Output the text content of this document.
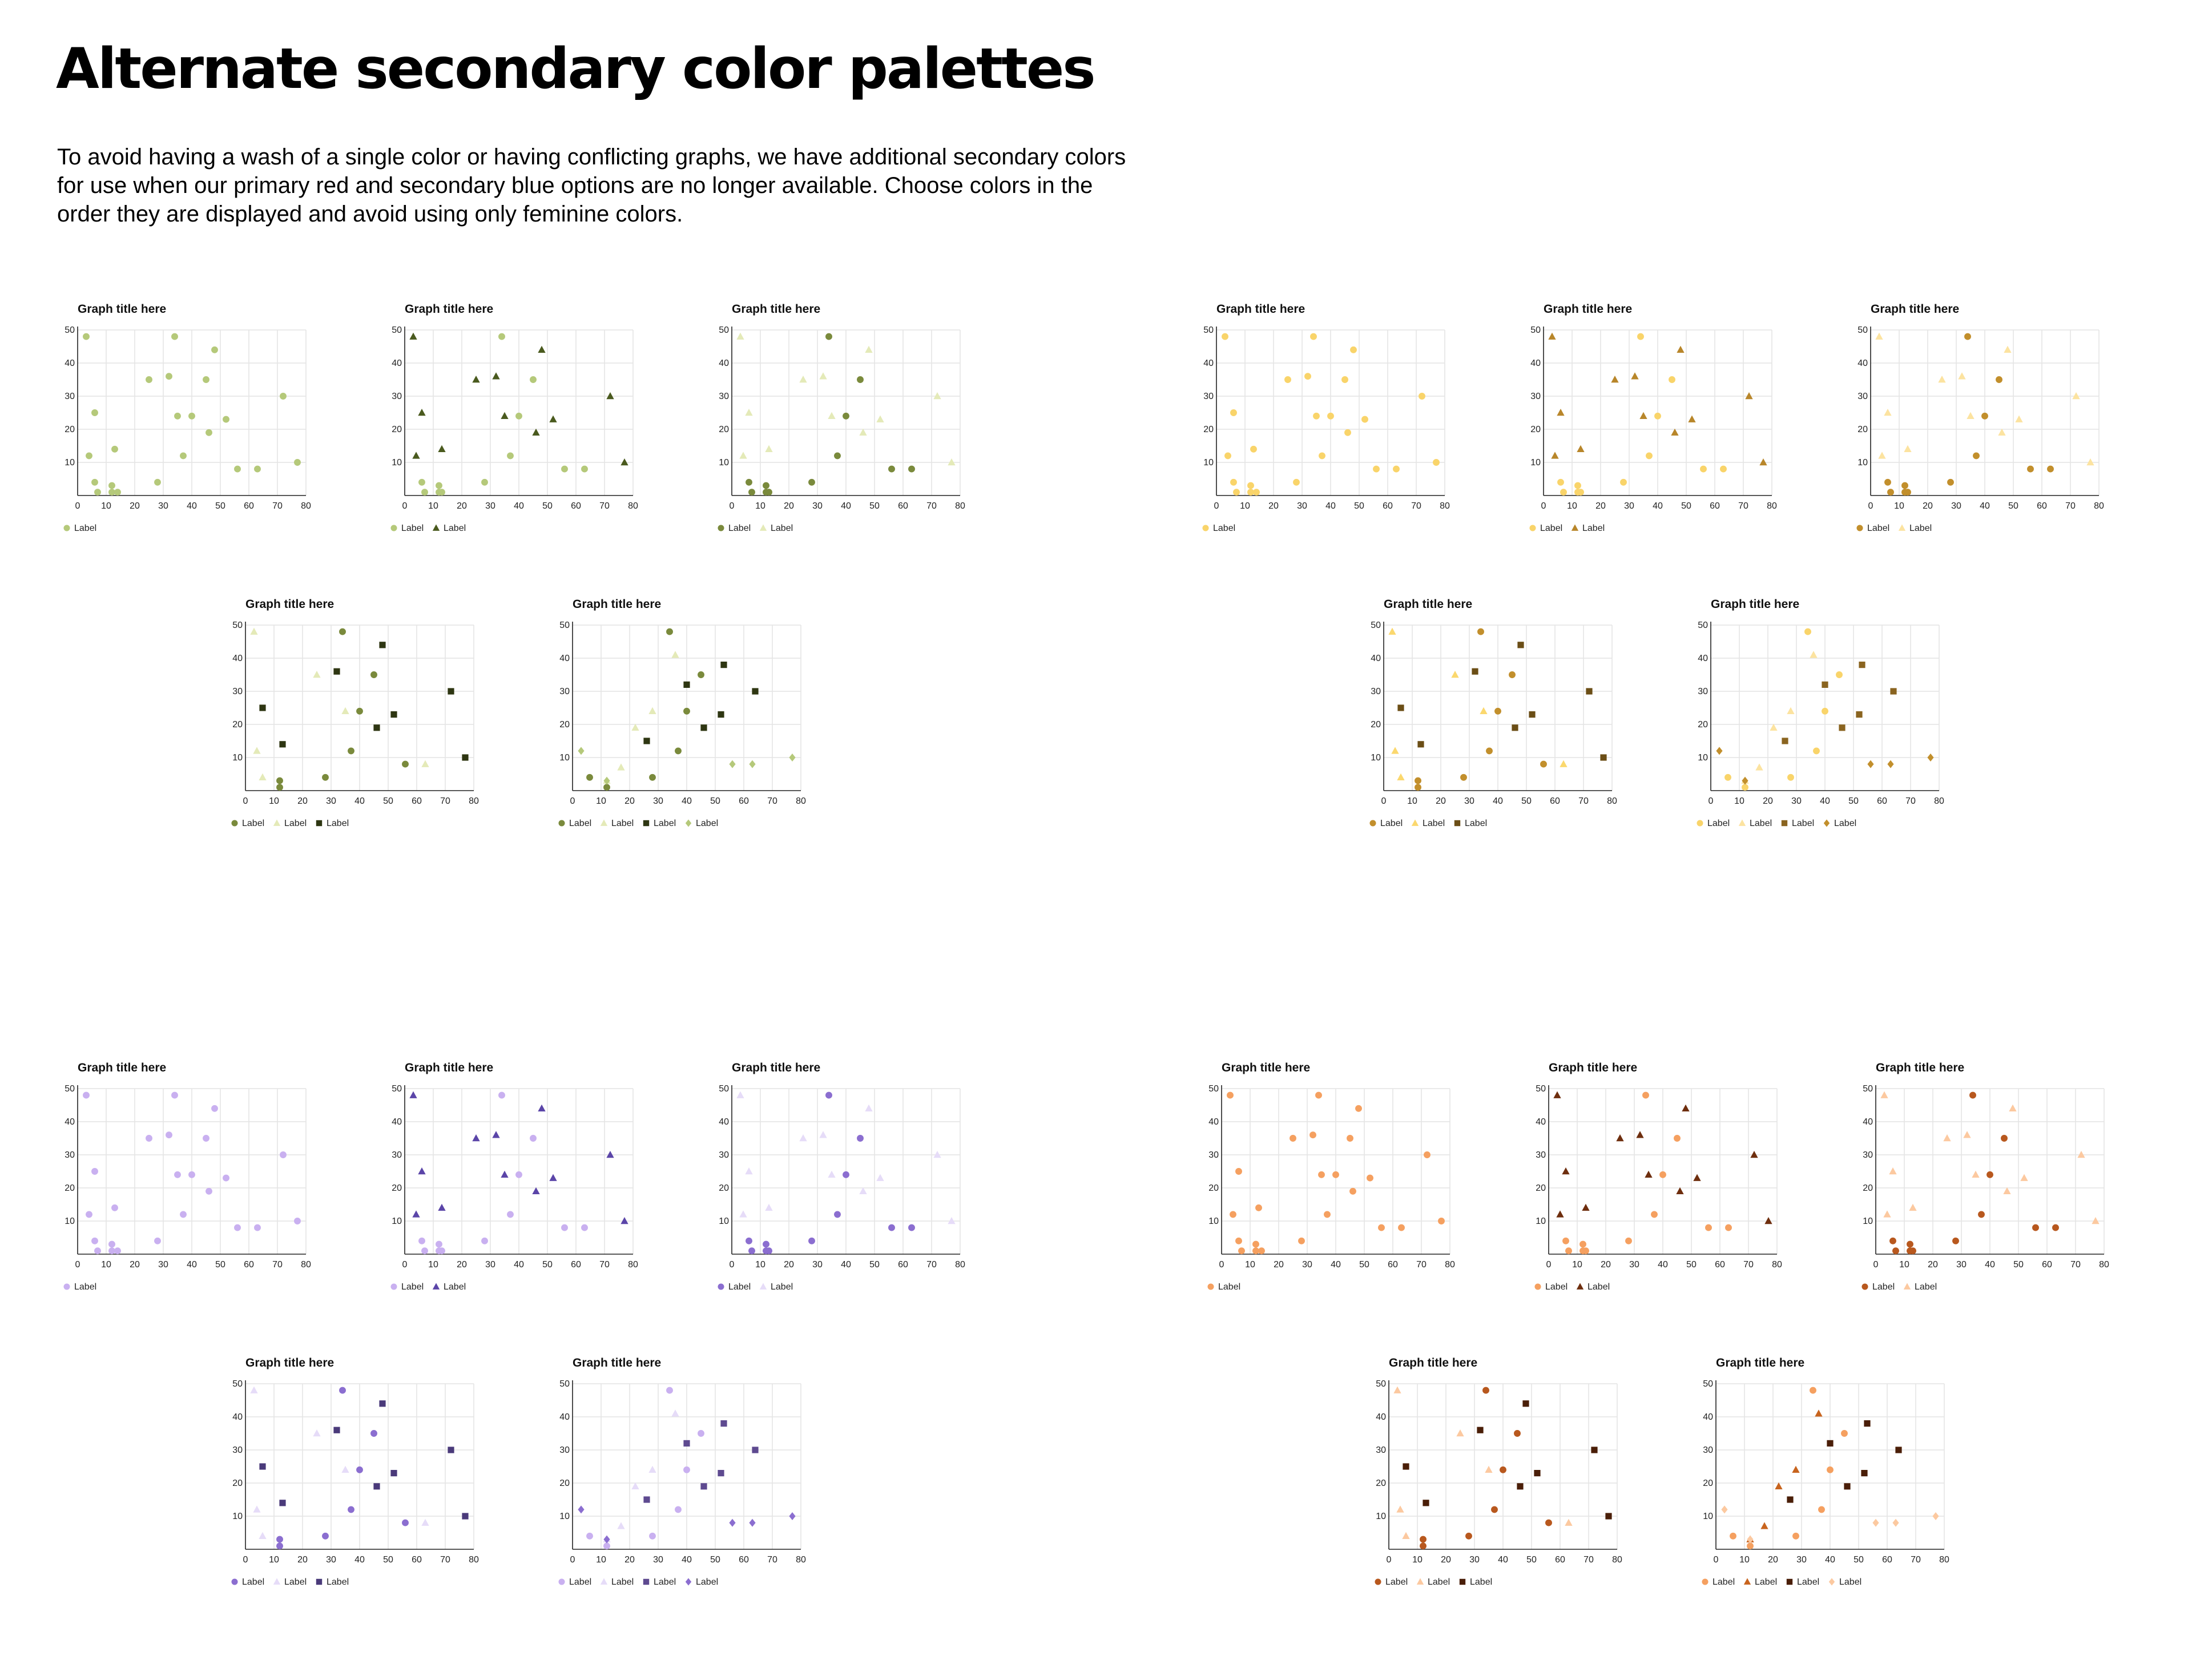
Alternate secondary color palettes

To avoid having a wash of a single color or having conflicting graphs, we have additional secondary colors for use when our primary red and secondary blue options are no longer available. Choose colors in the order they are displayed and avoid using only feminine colors.

Graph title here
0 10 20 30 40 50 60 70 80
10
20
30
40
50
Label
Graph title here
0 10 20 30 40 50 60 70 80
10
20
30
40
50
Label Label
Graph title here
0 10 20 30 40 50 60 70 80
10
20
30
40
50
Label Label
Graph title here
0 10 20 30 40 50 60 70 80
10
20
30
40
50
Label
Graph title here
0 10 20 30 40 50 60 70 80
10
20
30
40
50
Label Label
Graph title here
0 10 20 30 40 50 60 70 80
10
20
30
40
50
Label Label
Graph title here
0 10 20 30 40 50 60 70 80
10
20
30
40
50
Label Label Label
Graph title here
0 10 20 30 40 50 60 70 80
10
20
30
40
50
Label Label Label Label
Graph title here
0 10 20 30 40 50 60 70 80
10
20
30
40
50
Label Label Label
Graph title here
0 10 20 30 40 50 60 70 80
10
20
30
40
50
Label Label Label Label
Graph title here
0 10 20 30 40 50 60 70 80
10
20
30
40
50
Label
Graph title here
0 10 20 30 40 50 60 70 80
10
20
30
40
50
Label Label
Graph title here
0 10 20 30 40 50 60 70 80
10
20
30
40
50
Label Label
Graph title here
0 10 20 30 40 50 60 70 80
10
20
30
40
50
Label
Graph title here
0 10 20 30 40 50 60 70 80
10
20
30
40
50
Label Label
Graph title here
0 10 20 30 40 50 60 70 80
10
20
30
40
50
Label Label
Graph title here
0 10 20 30 40 50 60 70 80
10
20
30
40
50
Label Label Label
Graph title here
0 10 20 30 40 50 60 70 80
10
20
30
40
50
Label Label Label Label
Graph title here
0 10 20 30 40 50 60 70 80
10
20
30
40
50
Label Label Label
Graph title here
0 10 20 30 40 50 60 70 80
10
20
30
40
50
Label Label Label Label
